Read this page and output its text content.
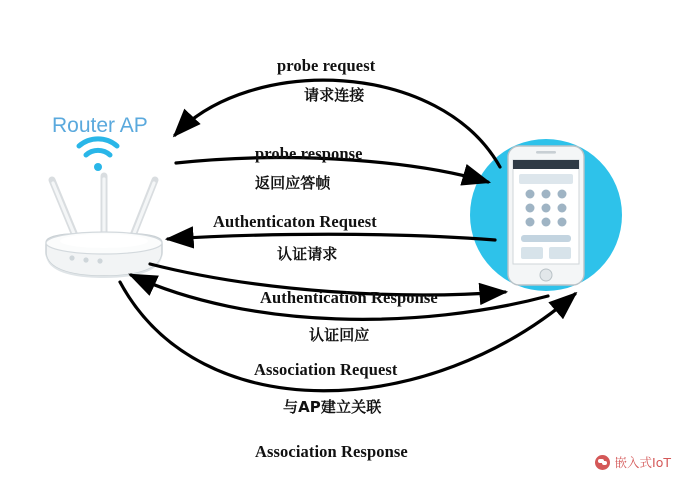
Router AP
probe request
请求连接
probe response
返回应答帧
Authenticaton Request
认证请求
Authentication Response
认证回应
Association Request
与AP建立关联
Association Response
嵌入式IoT
